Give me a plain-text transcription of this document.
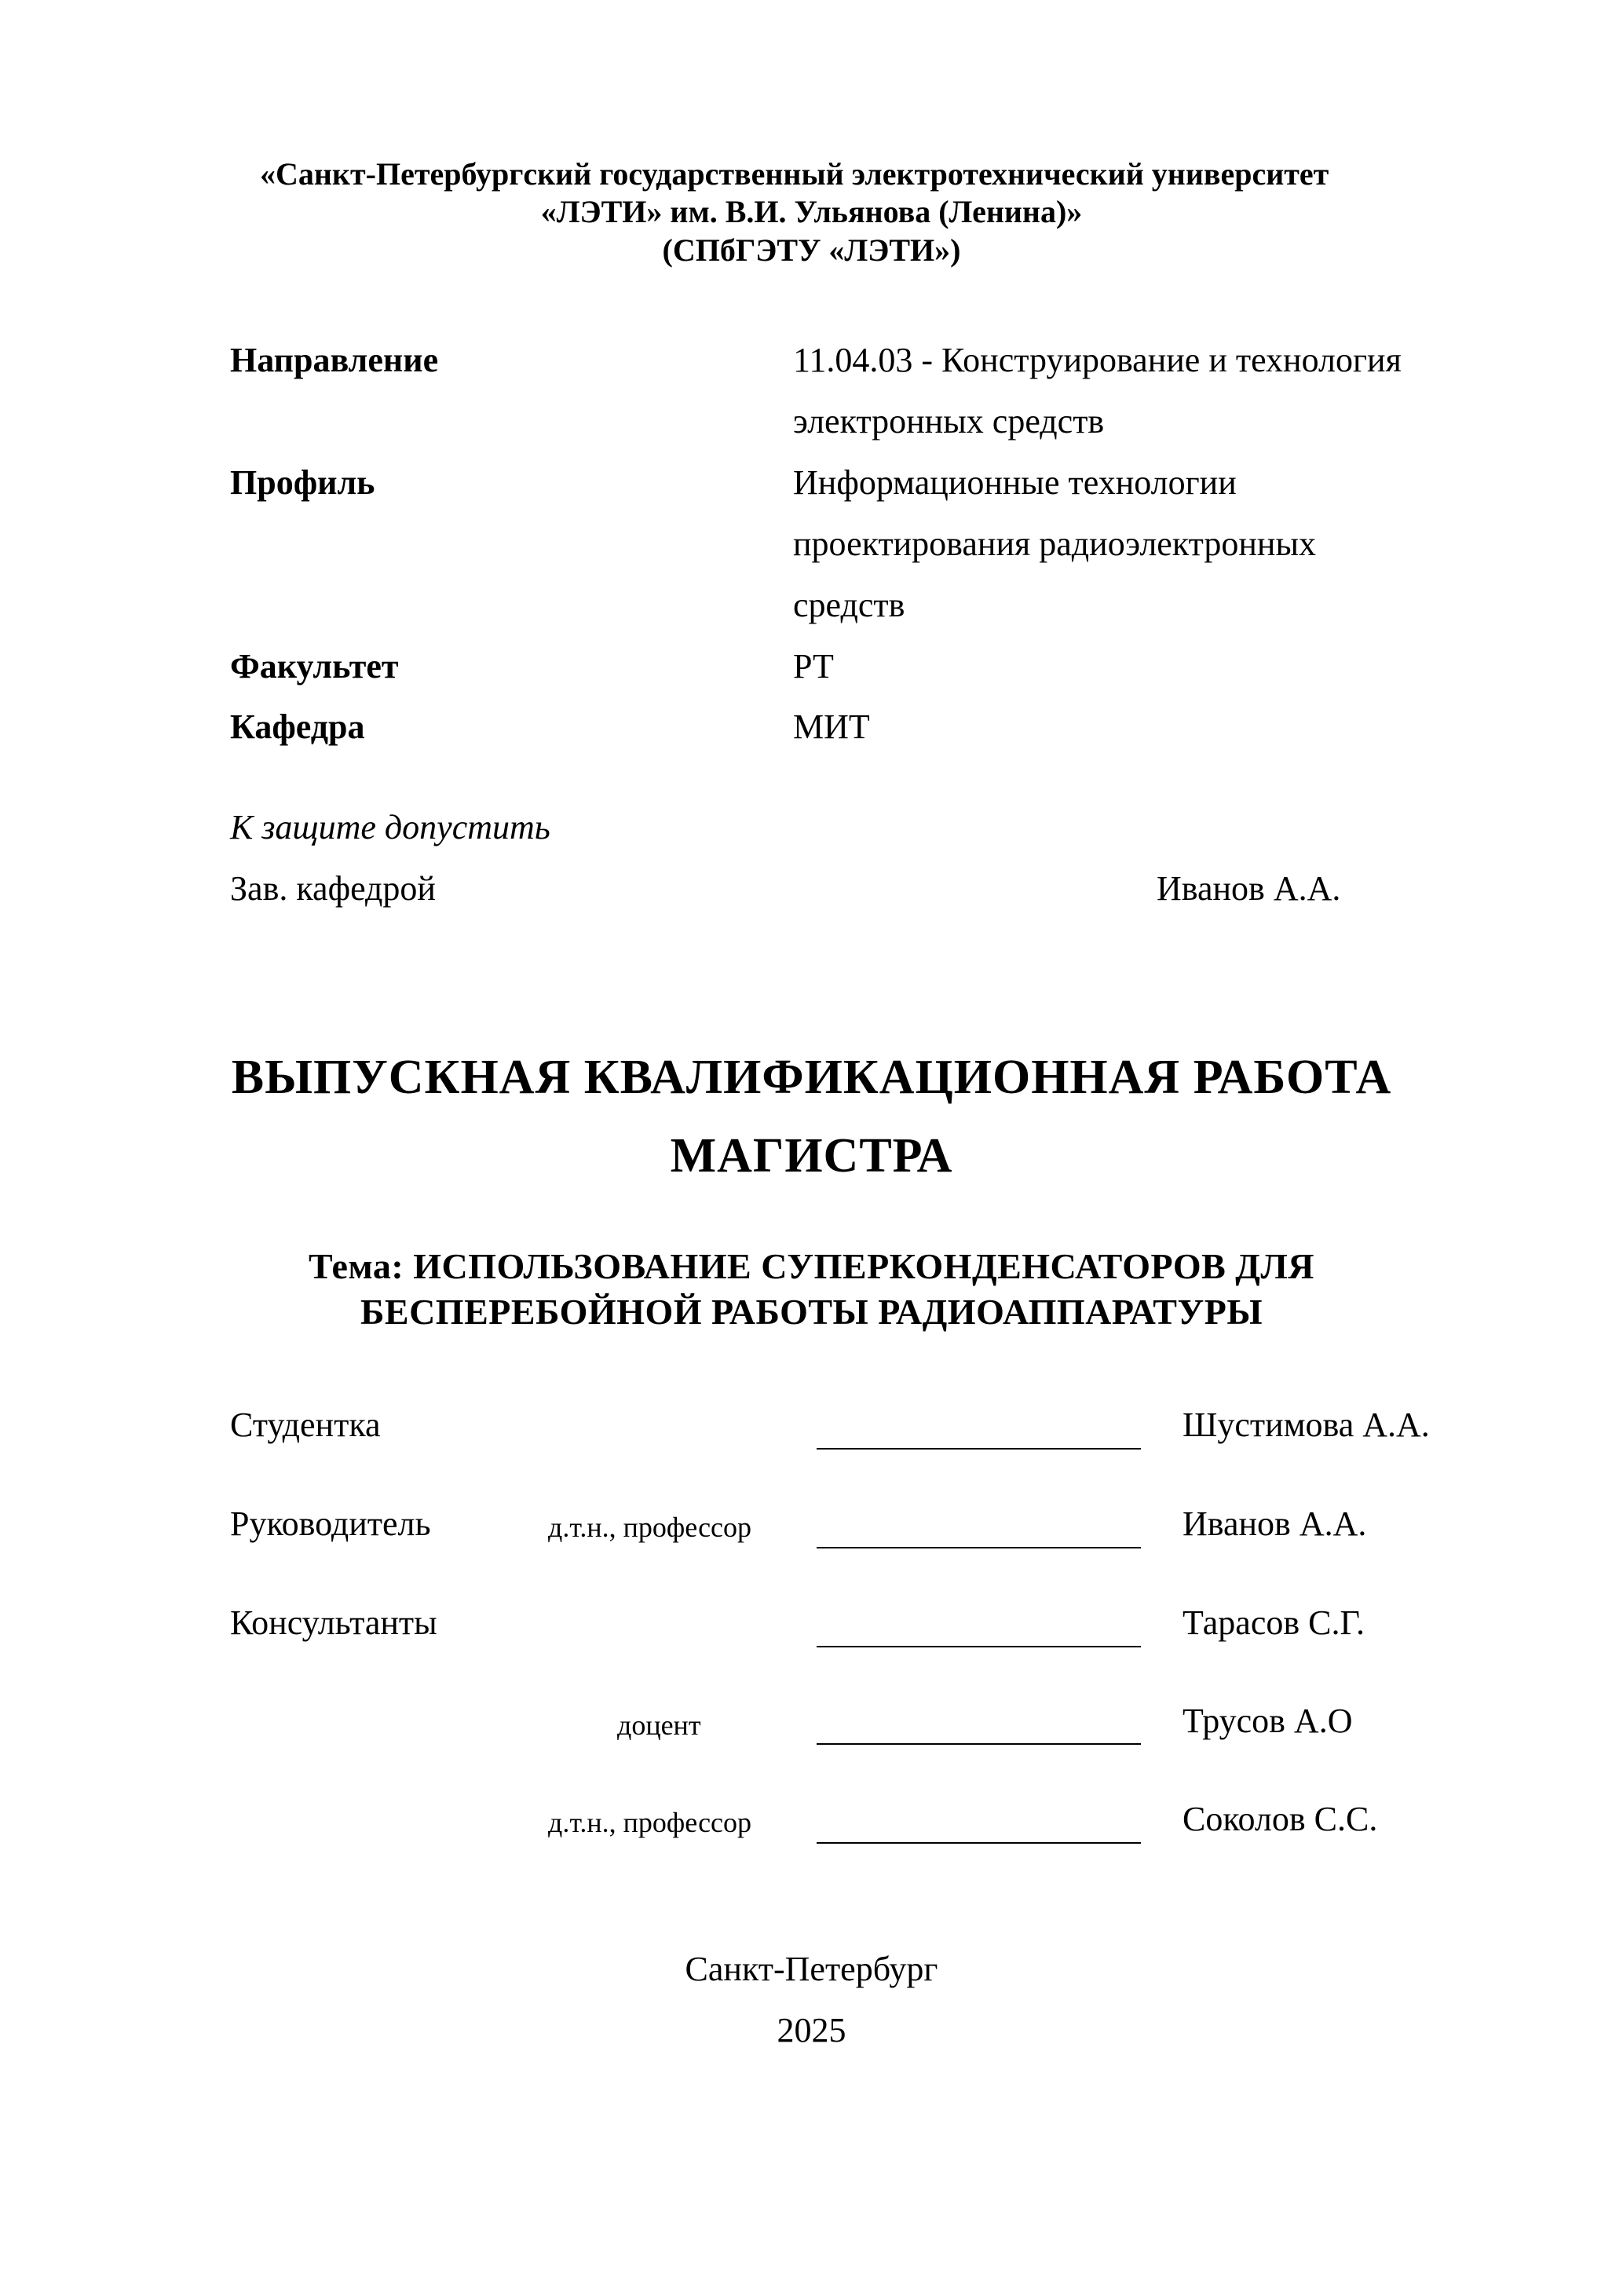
«Санкт-Петербургский государственный электротехнический университет
«ЛЭТИ» им. В.И. Ульянова (Ленина)»
(СПбГЭТУ «ЛЭТИ»)
Направление	11.04.03 - Конструирование и технология
электронных средств
Профиль	Информационные технологии
проектирования радиоэлектронных
средств
Факультет	РТ
Кафедра	МИТ
К защите допустить
Зав. кафедрой	Иванов А.А.
ВЫПУСКНАЯ КВАЛИФИКАЦИОННАЯ РАБОТА
МАГИСТРА
Тема: ИСПОЛЬЗОВАНИЕ СУПЕРКОНДЕНСАТОРОВ ДЛЯ
БЕСПЕРЕБОЙНОЙ РАБОТЫ РАДИОАППАРАТУРЫ
Студентка	Шустимова А.А.
Руководитель	д.т.н., профессор	Иванов А.А.
Консультанты	Тарасов С.Г.
доцент	Трусов А.О
д.т.н., профессор	Соколов С.С.
Санкт-Петербург
2025
